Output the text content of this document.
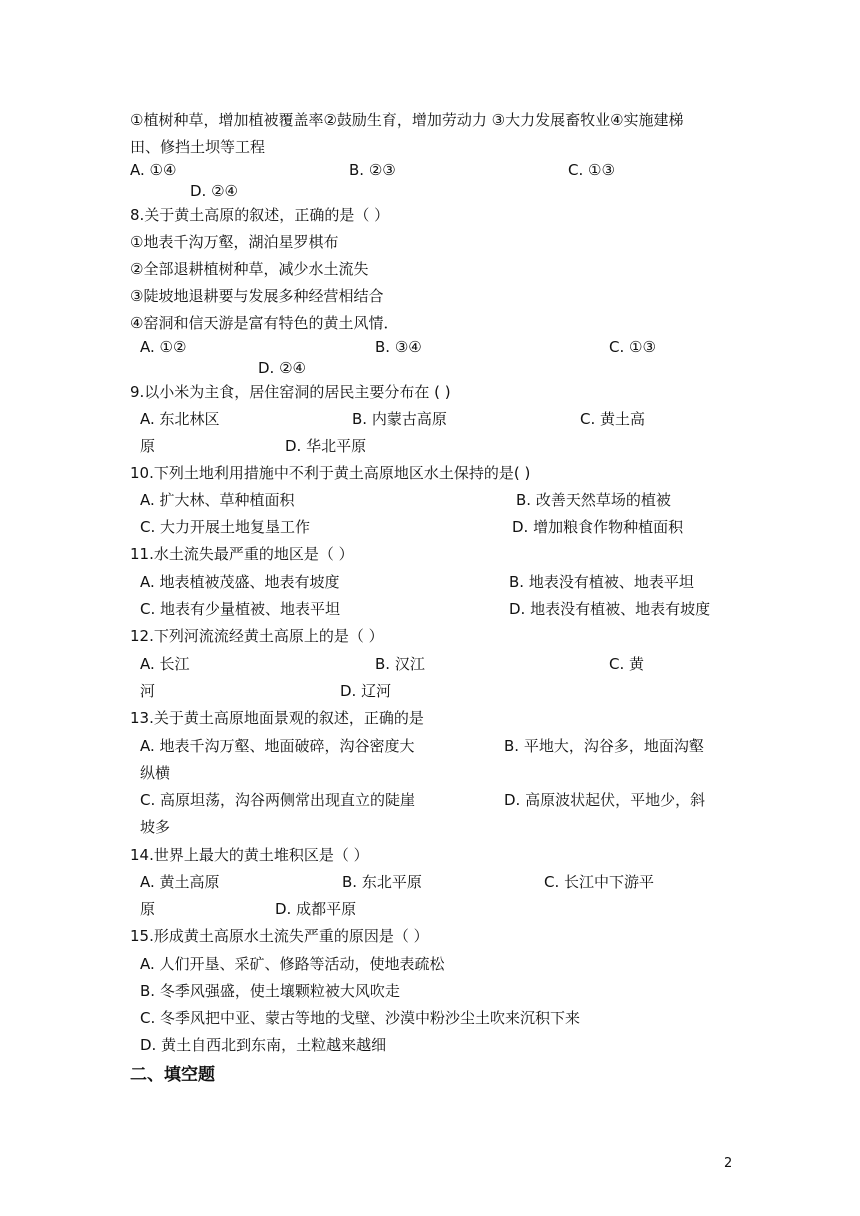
①植树种草，增加植被覆盖率②鼓励生育，增加劳动力 ③大力发展畜牧业④实施建梯
田、修挡土坝等工程
A. ①④	B. ②③	C. ①③
D. ②④
8.关于黄土高原的叙述，正确的是（ ）
①地表千沟万壑，湖泊星罗棋布
②全部退耕植树种草，减少水土流失
③陡坡地退耕要与发展多种经营相结合
④窑洞和信天游是富有特色的黄土风情．
A. ①②	B. ③④	C. ①③
D. ②④
9.以小米为主食，居住窑洞的居民主要分布在 ( )
A. 东北林区	B. 内蒙古高原	C. 黄土高
原	D. 华北平原
10.下列土地利用措施中不利于黄土高原地区水土保持的是( )
A. 扩大林、草种植面积	B. 改善天然草场的植被
C. 大力开展土地复垦工作	D. 增加粮食作物种植面积
11.水土流失最严重的地区是（ ）
A. 地表植被茂盛、地表有坡度	B. 地表没有植被、地表平坦
C. 地表有少量植被、地表平坦	D. 地表没有植被、地表有坡度
12.下列河流流经黄土高原上的是（ ）
A. 长江	B. 汉江	C. 黄
河	D. 辽河
13.关于黄土高原地面景观的叙述，正确的是
A. 地表千沟万壑、地面破碎，沟谷密度大	B. 平地大，沟谷多，地面沟壑
纵横
C. 高原坦荡，沟谷两侧常出现直立的陡崖	D. 高原波状起伏，平地少，斜
坡多
14.世界上最大的黄土堆积区是（ ）
A. 黄土高原	B. 东北平原	C. 长江中下游平
原	D. 成都平原
15.形成黄土高原水土流失严重的原因是（ ）
A. 人们开垦、采矿、修路等活动，使地表疏松
B. 冬季风强盛，使土壤颗粒被大风吹走
C. 冬季风把中亚、蒙古等地的戈壁、沙漠中粉沙尘土吹来沉积下来
D. 黄土自西北到东南，土粒越来越细
二、填空题
2
